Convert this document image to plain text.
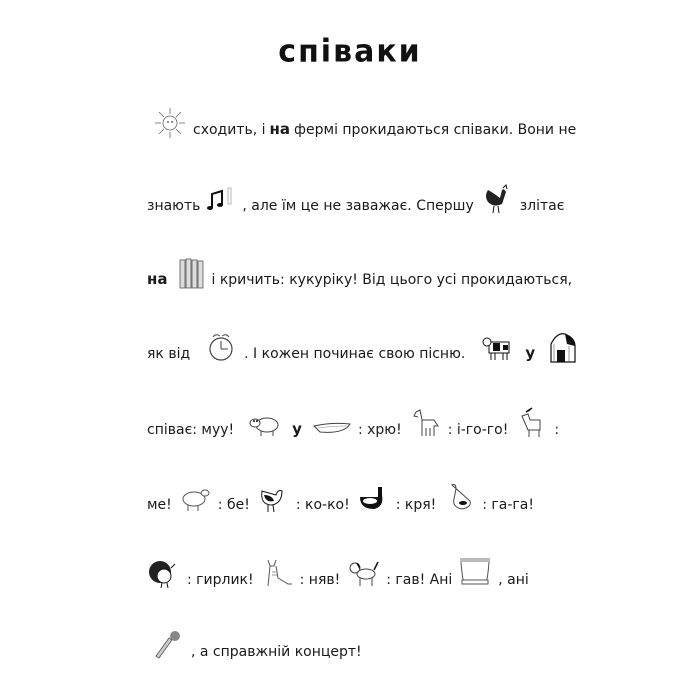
співаки
сходить, і на фермі прокидаються співаки. Вони не
знають	, але їм це не заважає. Спершу	злітає
на	і кричить: кукуріку! Від цього усі прокидаються,
як від	. І кожен починає свою пісню.	у
співає: муу!	у	: хрю!	: і-го-го!	:
ме!	: бе!	: ко-ко!	: кря!	: га-га!
: гирлик!	: няв!	: гав! Ані	, ані
, а справжній концерт!
